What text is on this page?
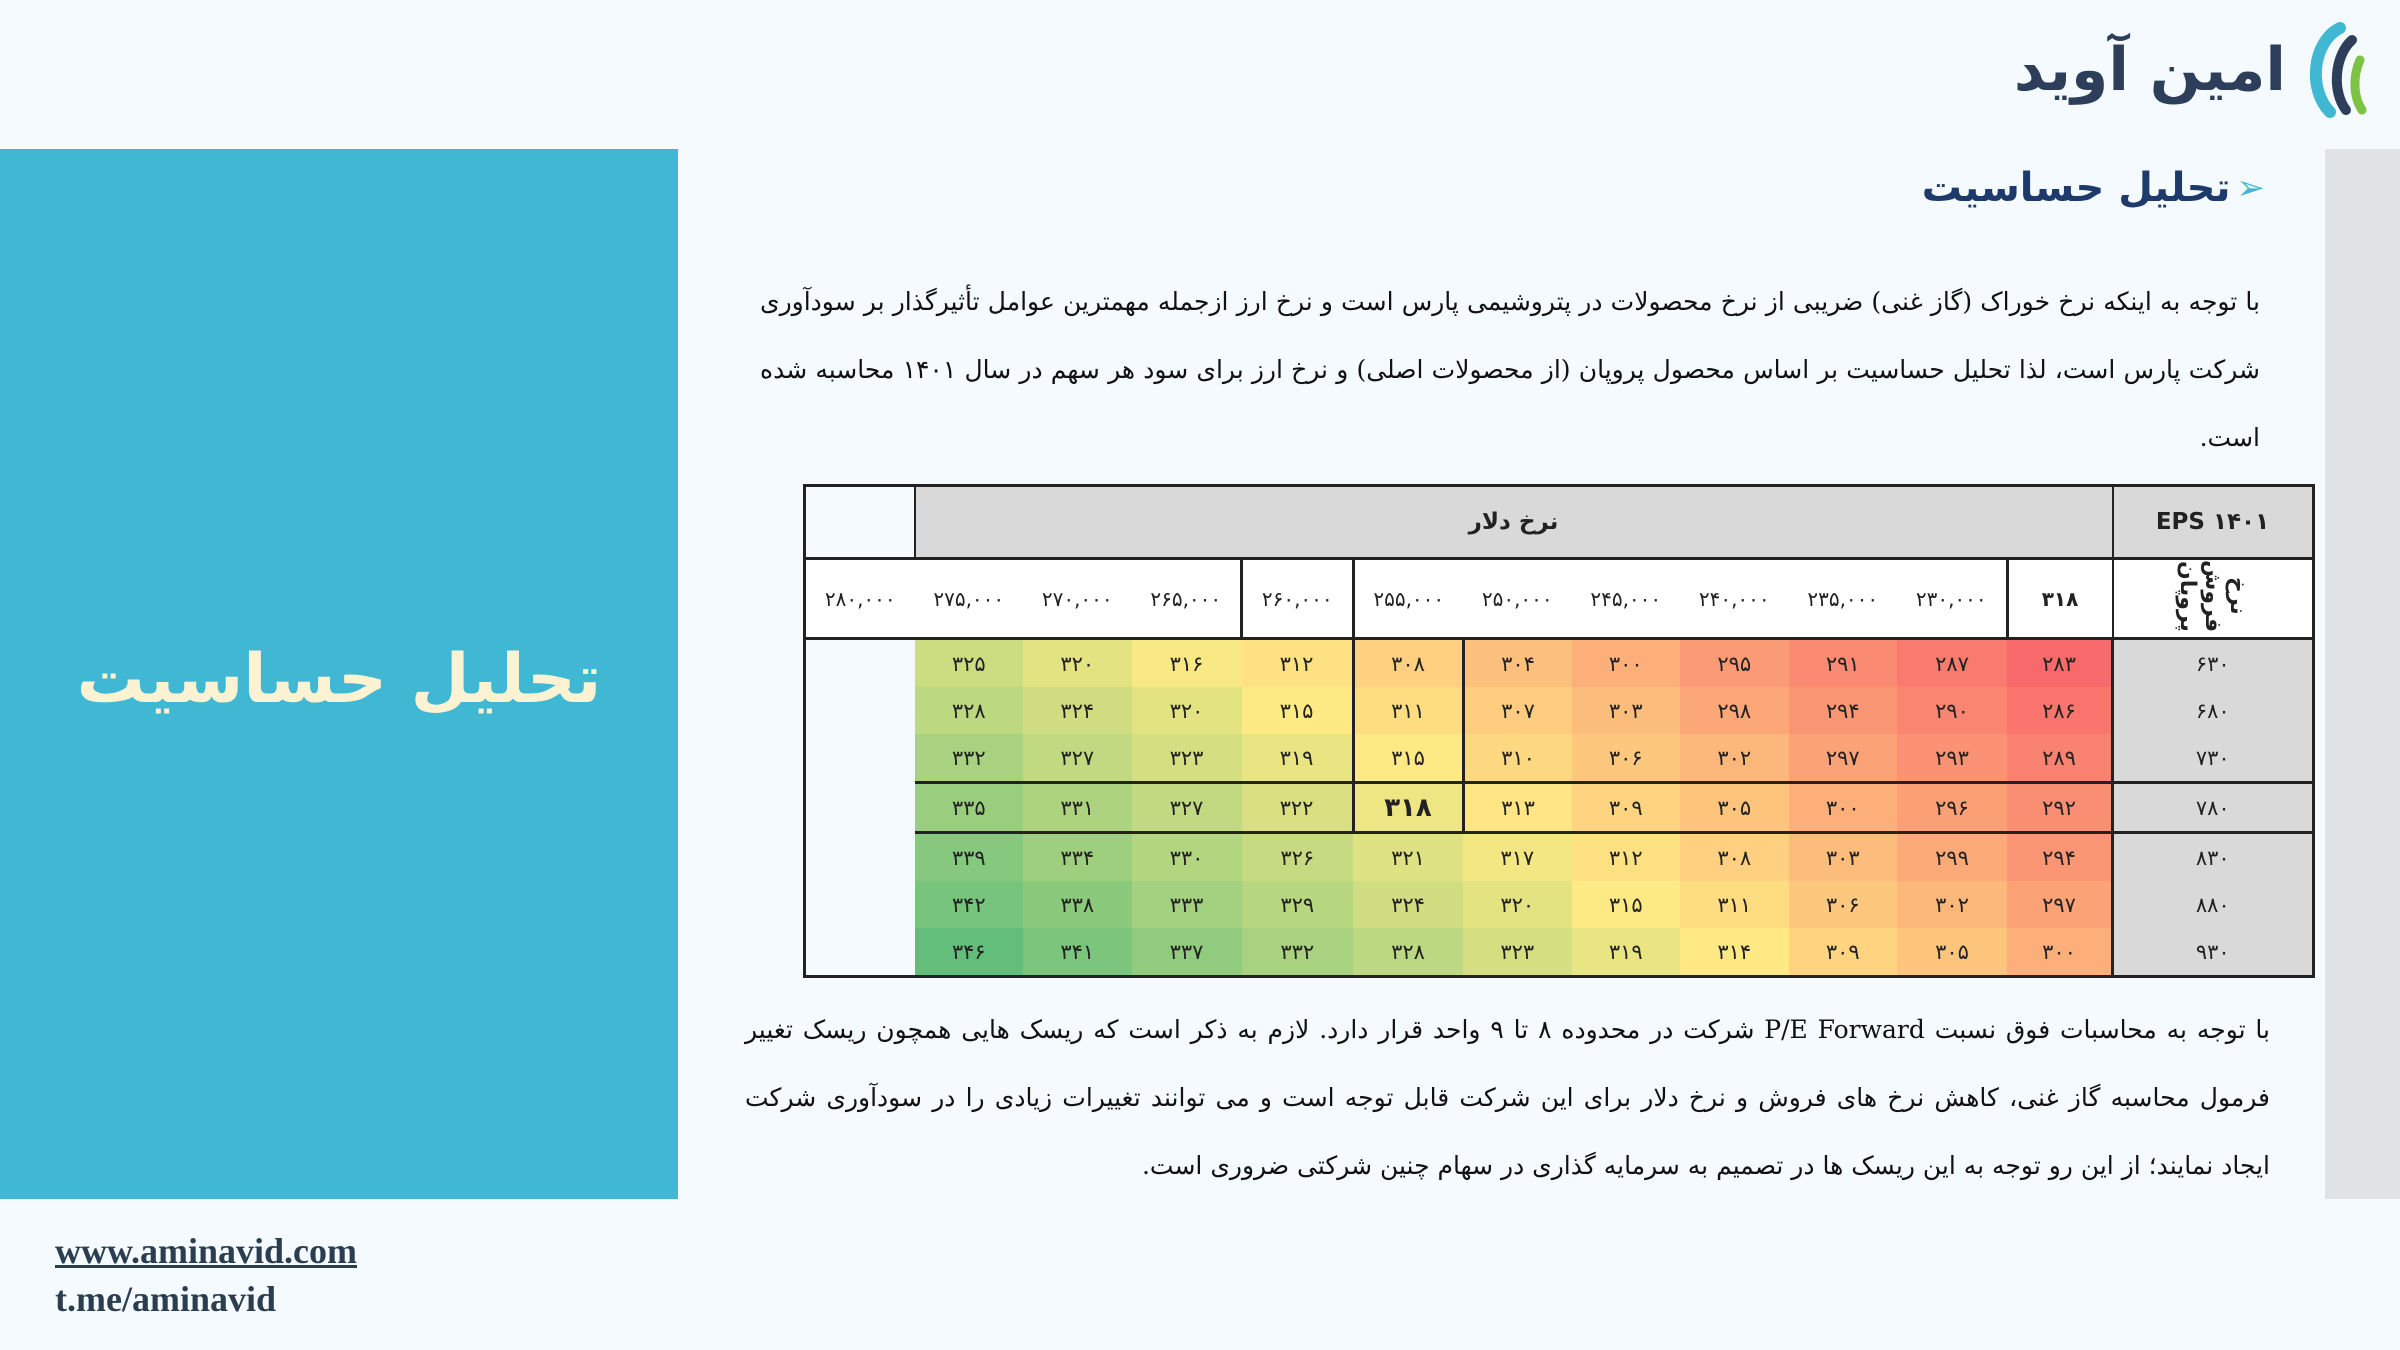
تحلیل حساسیت
امین آوید
➢
تحلیل حساسیت
با توجه به اینکه نرخ خوراک (گاز غنی) ضریبی از نرخ محصولات در پتروشیمی پارس است و نرخ ارز ازجمله مهمترین عوامل تأثیرگذار بر سودآوری شرکت پارس است، لذا تحلیل حساسیت بر اساس محصول پروپان (از محصولات اصلی) و نرخ ارز برای سود هر سهم در سال ۱۴۰۱ محاسبه شده است.
EPS ۱۴۰۱	نرخ دلار											
نرخ فروش پروپان	۳۱۸	۲۳۰,۰۰۰	۲۳۵,۰۰۰	۲۴۰,۰۰۰	۲۴۵,۰۰۰	۲۵۰,۰۰۰	۲۵۵,۰۰۰	۲۶۰,۰۰۰	۲۶۵,۰۰۰	۲۷۰,۰۰۰	۲۷۵,۰۰۰	۲۸۰,۰۰۰
۶۳۰	۲۸۳	۲۸۷	۲۹۱	۲۹۵	۳۰۰	۳۰۴	۳۰۸	۳۱۲	۳۱۶	۳۲۰	۳۲۵	
۶۸۰	۲۸۶	۲۹۰	۲۹۴	۲۹۸	۳۰۳	۳۰۷	۳۱۱	۳۱۵	۳۲۰	۳۲۴	۳۲۸	
۷۳۰	۲۸۹	۲۹۳	۲۹۷	۳۰۲	۳۰۶	۳۱۰	۳۱۵	۳۱۹	۳۲۳	۳۲۷	۳۳۲	
۷۸۰	۲۹۲	۲۹۶	۳۰۰	۳۰۵	۳۰۹	۳۱۳	۳۱۸	۳۲۲	۳۲۷	۳۳۱	۳۳۵	
۸۳۰	۲۹۴	۲۹۹	۳۰۳	۳۰۸	۳۱۲	۳۱۷	۳۲۱	۳۲۶	۳۳۰	۳۳۴	۳۳۹	
۸۸۰	۲۹۷	۳۰۲	۳۰۶	۳۱۱	۳۱۵	۳۲۰	۳۲۴	۳۲۹	۳۳۳	۳۳۸	۳۴۲	
۹۳۰	۳۰۰	۳۰۵	۳۰۹	۳۱۴	۳۱۹	۳۲۳	۳۲۸	۳۳۲	۳۳۷	۳۴۱	۳۴۶	
با توجه به محاسبات فوق نسبت P/E Forward شرکت در محدوده ۸ تا ۹ واحد قرار دارد. لازم به ذکر است که ریسک هایی همچون ریسک تغییر فرمول محاسبه گاز غنی، کاهش نرخ های فروش و نرخ دلار برای این شرکت قابل توجه است و می توانند تغییرات زیادی را در سودآوری شرکت ایجاد نمایند؛ از این رو توجه به این ریسک ها در تصمیم به سرمایه گذاری در سهام چنین شرکتی ضروری است.
www.aminavid.com
t.me/aminavid
